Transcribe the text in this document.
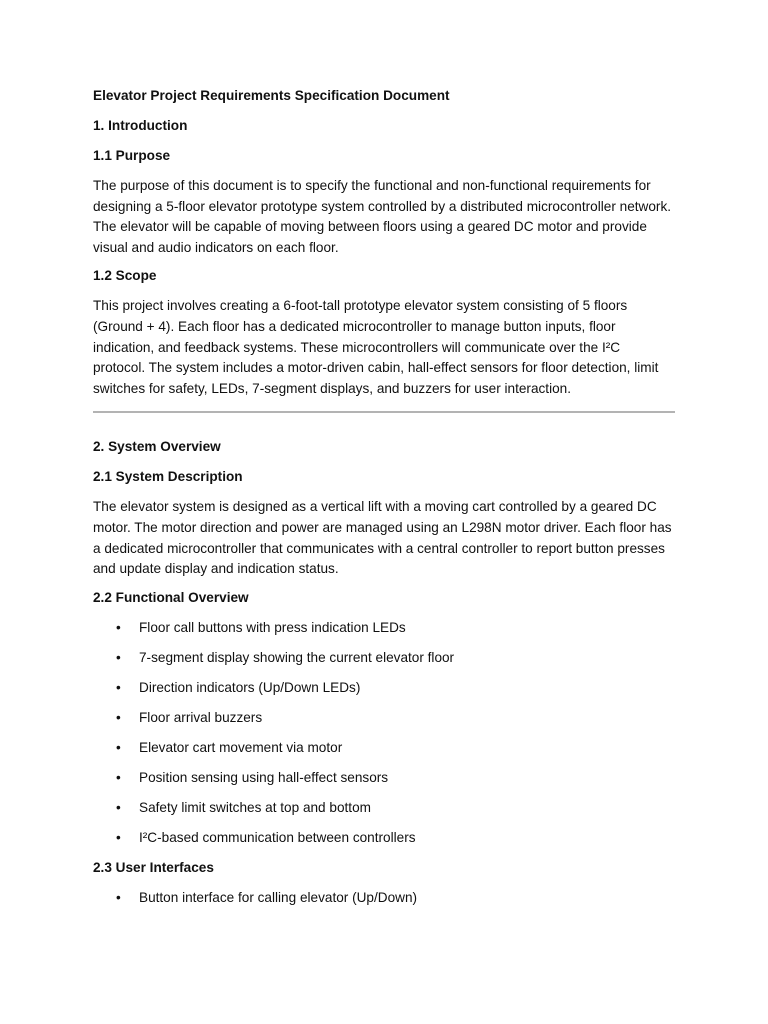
Elevator Project Requirements Specification Document
1. Introduction
1.1 Purpose

The purpose of this document is to specify the functional and non-functional requirements for designing a 5-floor elevator prototype system controlled by a distributed microcontroller network. The elevator will be capable of moving between floors using a geared DC motor and provide visual and audio indicators on each floor.

1.2 Scope

This project involves creating a 6-foot-tall prototype elevator system consisting of 5 floors (Ground + 4). Each floor has a dedicated microcontroller to manage button inputs, floor indication, and feedback systems. These microcontrollers will communicate over the I²C protocol. The system includes a motor-driven cabin, hall-effect sensors for floor detection, limit switches for safety, LEDs, 7-segment displays, and buzzers for user interaction.

2. System Overview
2.1 System Description

The elevator system is designed as a vertical lift with a moving cart controlled by a geared DC motor. The motor direction and power are managed using an L298N motor driver. Each floor has a dedicated microcontroller that communicates with a central controller to report button presses and update display and indication status.

2.2 Functional Overview
• Floor call buttons with press indication LEDs
• 7-segment display showing the current elevator floor
• Direction indicators (Up/Down LEDs)
• Floor arrival buzzers
• Elevator cart movement via motor
• Position sensing using hall-effect sensors
• Safety limit switches at top and bottom
• I²C-based communication between controllers
2.3 User Interfaces
• Button interface for calling elevator (Up/Down)
